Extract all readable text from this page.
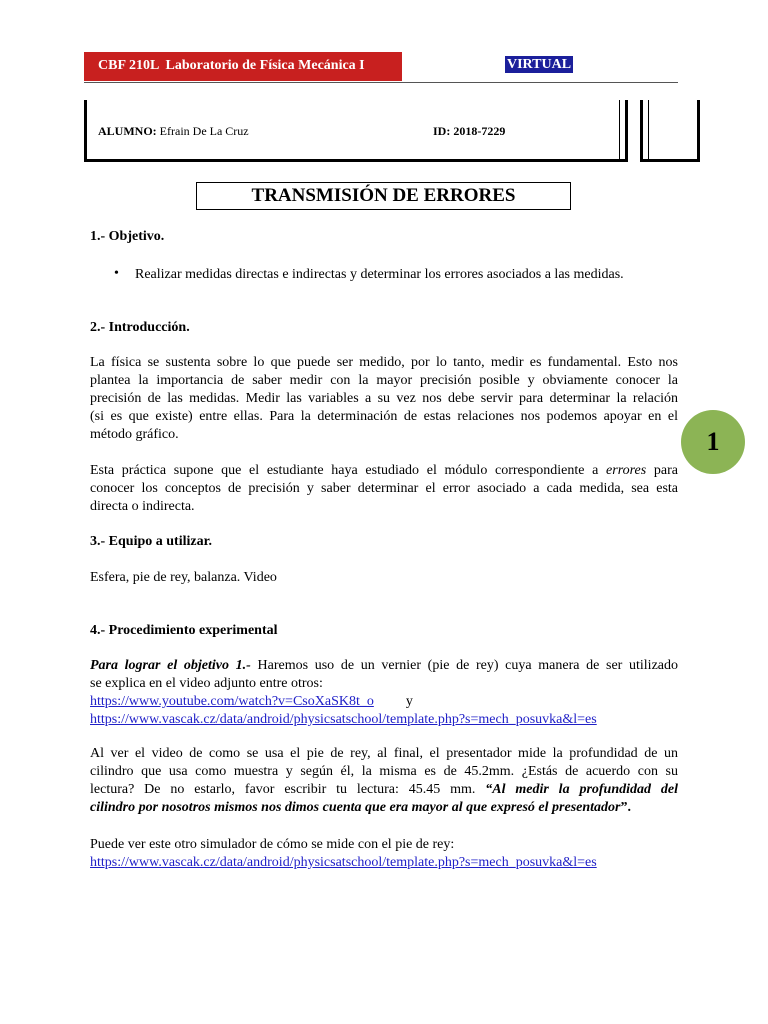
CBF 210L  Laboratorio de Física Mecánica I	VIRTUAL
ALUMNO: Efrain De La Cruz	ID: 2018-7229
TRANSMISIÓN DE ERRORES
1.- Objetivo.
• Realizar medidas directas e indirectas y determinar los errores asociados a las medidas.
2.- Introducción.
La física se sustenta sobre lo que puede ser medido, por lo tanto, medir es fundamental. Esto nos
plantea la importancia de saber medir con la mayor precisión posible y obviamente conocer la
precisión de las medidas. Medir las variables a su vez nos debe servir para determinar la relación
(si es que existe) entre ellas. Para la determinación de estas relaciones nos podemos apoyar en el
método gráfico.	1
Esta práctica supone que el estudiante haya estudiado el módulo correspondiente a errores para
conocer los conceptos de precisión y saber determinar el error asociado a cada medida, sea esta
directa o indirecta.
3.- Equipo a utilizar.
Esfera, pie de rey, balanza. Video
4.- Procedimiento experimental
Para lograr el objetivo 1.- Haremos uso de un vernier (pie de rey) cuya manera de ser utilizado
se explica en el video adjunto entre otros:
https://www.youtube.com/watch?v=CsoXaSK8t_o y
https://www.vascak.cz/data/android/physicsatschool/template.php?s=mech_posuvka&l=es
Al ver el video de como se usa el pie de rey, al final, el presentador mide la profundidad de un
cilindro que usa como muestra y según él, la misma es de 45.2mm. ¿Estás de acuerdo con su
lectura? De no estarlo, favor escribir tu lectura: 45.45 mm. “Al medir la profundidad del
cilindro por nosotros mismos nos dimos cuenta que era mayor al que expresó el presentador”.
Puede ver este otro simulador de cómo se mide con el pie de rey:
https://www.vascak.cz/data/android/physicsatschool/template.php?s=mech_posuvka&l=es
